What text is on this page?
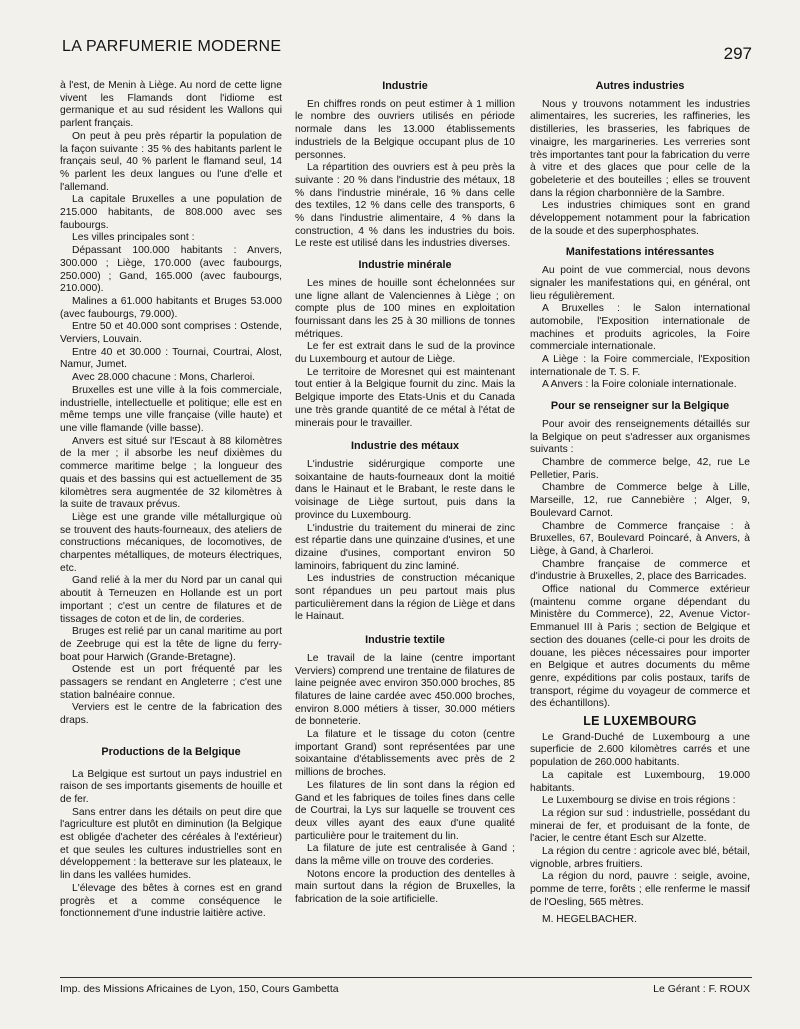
LA PARFUMERIE MODERNE	297

à l'est, de Menin à Liège. Au nord de cette ligne vivent les Flamands dont l'idiome est germanique et au sud résident les Wallons qui parlent français.

On peut à peu près répartir la population de la façon suivante : 35 % des habitants parlent le français seul, 40 % parlent le flamand seul, 14 % parlent les deux langues ou l'une d'elle et l'allemand.

La capitale Bruxelles a une population de 215.000 habitants, de 808.000 avec ses faubourgs.

Les villes principales sont :

Dépassant 100.000 habitants : Anvers, 300.000 ; Liège, 170.000 (avec faubourgs, 250.000) ; Gand, 165.000 (avec faubourgs, 210.000).

Malines a 61.000 habitants et Bruges 53.000 (avec faubourgs, 79.000).

Entre 50 et 40.000 sont comprises : Ostende, Verviers, Louvain.

Entre 40 et 30.000 : Tournai, Courtrai, Alost, Namur, Jumet.

Avec 28.000 chacune : Mons, Charleroi.

Bruxelles est une ville à la fois commerciale, industrielle, intellectuelle et politique; elle est en même temps une ville française (ville haute) et une ville flamande (ville basse).

Anvers est situé sur l'Escaut à 88 kilomètres de la mer ; il absorbe les neuf dixièmes du commerce maritime belge ; la longueur des quais et des bassins qui est actuellement de 35 kilomètres sera augmentée de 32 kilomètres à la suite de travaux prévus.

Liège est une grande ville métallurgique où se trouvent des hauts-fourneaux, des ateliers de constructions mécaniques, de locomotives, de charpentes métalliques, de moteurs électriques, etc.

Gand relié à la mer du Nord par un canal qui aboutit à Terneuzen en Hollande est un port important ; c'est un centre de filatures et de tissages de coton et de lin, de corderies.

Bruges est relié par un canal maritime au port de Zeebruge qui est la tête de ligne du ferry-boat pour Harwich (Grande-Bretagne).

Ostende est un port fréquenté par les passagers se rendant en Angleterre ; c'est une station balnéaire connue.

Verviers est le centre de la fabrication des draps.

Productions de la Belgique

La Belgique est surtout un pays industriel en raison de ses importants gisements de houille et de fer.

Sans entrer dans les détails on peut dire que l'agriculture est plutôt en diminution (la Belgique est obligée d'acheter des céréales à l'extérieur) et que seules les cultures industrielles sont en développement : la betterave sur les plateaux, le lin dans les vallées humides.

L'élevage des bêtes à cornes est en grand progrès et a comme conséquence le fonctionnement d'une industrie laitière active.

Industrie

En chiffres ronds on peut estimer à 1 million le nombre des ouvriers utilisés en période normale dans les 13.000 établissements industriels de la Belgique occupant plus de 10 personnes.

La répartition des ouvriers est à peu près la suivante : 20 % dans l'industrie des métaux, 18 % dans l'industrie minérale, 16 % dans celle des textiles, 12 % dans celle des transports, 6 % dans l'industrie alimentaire, 4 % dans la construction, 4 % dans les industries du bois. Le reste est utilisé dans les industries diverses.

Industrie minérale

Les mines de houille sont échelonnées sur une ligne allant de Valenciennes à Liège ; on compte plus de 100 mines en exploitation fournissant dans les 25 à 30 millions de tonnes métriques.

Le fer est extrait dans le sud de la province du Luxembourg et autour de Liège.

Le territoire de Moresnet qui est maintenant tout entier à la Belgique fournit du zinc. Mais la Belgique importe des Etats-Unis et du Canada une très grande quantité de ce métal à l'état de minerais pour le travailler.

Industrie des métaux

L'industrie sidérurgique comporte une soixantaine de hauts-fourneaux dont la moitié dans le Hainaut et le Brabant, le reste dans le voisinage de Liège surtout, puis dans la province du Luxembourg.

L'industrie du traitement du minerai de zinc est répartie dans une quinzaine d'usines, et une dizaine d'usines, comportant environ 50 laminoirs, fabriquent du zinc laminé.

Les industries de construction mécanique sont répandues un peu partout mais plus particulièrement dans la région de Liège et dans le Hainaut.

Industrie textile

Le travail de la laine (centre important Verviers) comprend une trentaine de filatures de laine peignée avec environ 350.000 broches, 85 filatures de laine cardée avec 450.000 broches, environ 8.000 métiers à tisser, 30.000 métiers de bonneterie.

La filature et le tissage du coton (centre important Grand) sont représentées par une soixantaine d'établissements avec près de 2 millions de broches.

Les filatures de lin sont dans la région ed Gand et les fabriques de toiles fines dans celle de Courtrai, la Lys sur laquelle se trouvent ces deux villes ayant des eaux d'une qualité particulière pour le traitement du lin.

La filature de jute est centralisée à Gand ; dans la même ville on trouve des corderies.

Notons encore la production des dentelles à main surtout dans la région de Bruxelles, la fabrication de la soie artificielle.

Autres industries

Nous y trouvons notamment les industries alimentaires, les sucreries, les raffineries, les distilleries, les brasseries, les fabriques de vinaigre, les margarineries. Les verreries sont très importantes tant pour la fabrication du verre à vitre et des glaces que pour celle de la gobeleterie et des bouteilles ; elles se trouvent dans la région charbonnière de la Sambre.

Les industries chimiques sont en grand développement notamment pour la fabrication de la soude et des superphosphates.

Manifestations intéressantes

Au point de vue commercial, nous devons signaler les manifestations qui, en général, ont lieu régulièrement.

A Bruxelles : le Salon international automobile, l'Exposition internationale de machines et produits agricoles, la Foire commerciale internationale.

A Liège : la Foire commerciale, l'Exposition internationale de T. S. F.

A Anvers : la Foire coloniale internationale.

Pour se renseigner sur la Belgique

Pour avoir des renseignements détaillés sur la Belgique on peut s'adresser aux organismes suivants :

Chambre de commerce belge, 42, rue Le Pelletier, Paris.

Chambre de Commerce belge à Lille, Marseille, 12, rue Cannebière ; Alger, 9, Boulevard Carnot.

Chambre de Commerce française : à Bruxelles, 67, Boulevard Poincaré, à Anvers, à Liège, à Gand, à Charleroi.

Chambre française de commerce et d'industrie à Bruxelles, 2, place des Barricades.

Office national du Commerce extérieur (maintenu comme organe dépendant du Ministère du Commerce), 22, Avenue Victor-Emmanuel III à Paris ; section de Belgique et section des douanes (celle-ci pour les droits de douane, les pièces nécessaires pour importer en Belgique et autres documents du même genre, expéditions par colis postaux, tarifs de transport, régime du voyageur de commerce et des échantillons).

LE LUXEMBOURG

Le Grand-Duché de Luxembourg a une superficie de 2.600 kilomètres carrés et une population de 260.000 habitants.

La capitale est Luxembourg, 19.000 habitants.

Le Luxembourg se divise en trois régions :

La région sur sud : industrielle, possédant du minerai de fer, et produisant de la fonte, de l'acier, le centre étant Esch sur Alzette.

La région du centre : agricole avec blé, bétail, vignoble, arbres fruitiers.

La région du nord, pauvre : seigle, avoine, pomme de terre, forêts ; elle renferme le massif de l'Oesling, 565 mètres.

M. HEGELBACHER.

Imp. des Missions Africaines de Lyon, 150, Cours Gambetta	Le Gérant : F. ROUX
